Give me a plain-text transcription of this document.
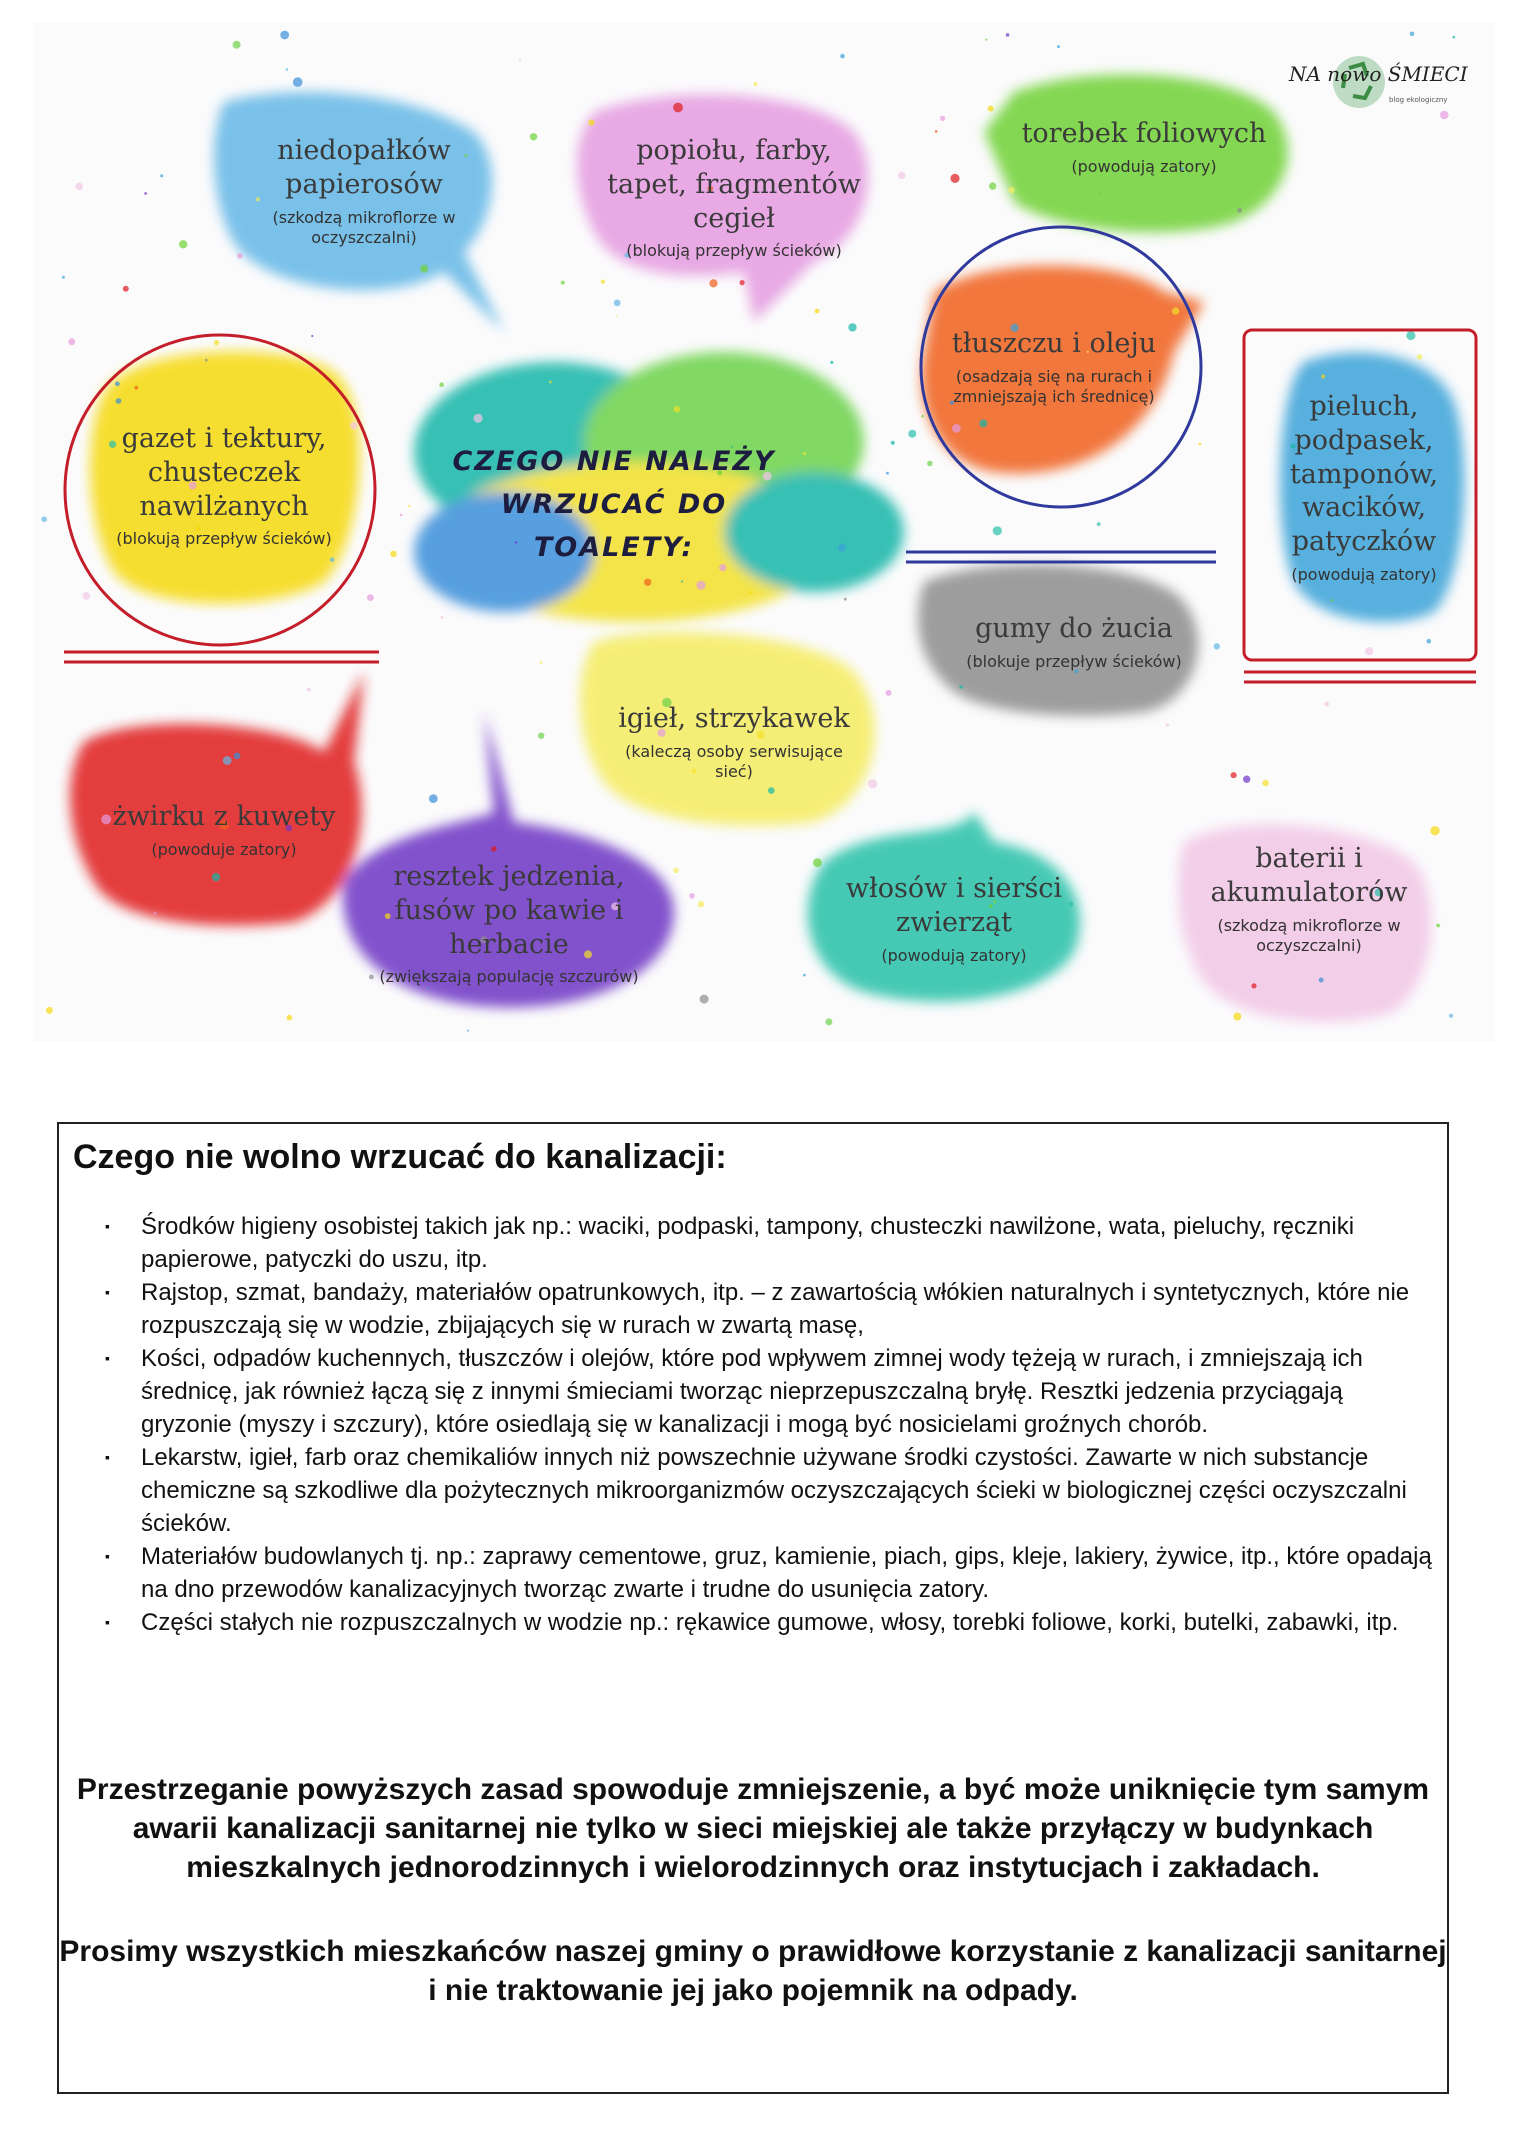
NA nowo ŚMIECI
blog ekologiczny
CZEGO NIE NALEŻY
WRZUCAĆ DO TOALETY:
niedopałków papierosów
(szkodzą mikroflorze w oczyszczalni)
popiołu, farby, tapet, fragmentów cegieł
(blokują przepływ ścieków)
torebek foliowych
(powodują zatory)
gazet i tektury, chusteczek nawilżanych
(blokują przepływ ścieków)
tłuszczu i oleju
(osadzają się na rurach i zmniejszają ich średnicę)	pieluch, podpasek, tamponów, wacików, patyczków
(powodują zatory)
gumy do żucia
(blokuje przepływ ścieków)
igieł, strzykawek
(kaleczą osoby serwisujące sieć)
żwirku z kuwety
(powoduje zatory)
resztek jedzenia, fusów po kawie i herbacie
(zwiększają populację szczurów)
włosów i sierści zwierząt
(powodują zatory)
baterii i akumulatorów
(szkodzą mikroflorze w oczyszczalni)
Czego nie wolno wrzucać do kanalizacji:
▪ Środków higieny osobistej takich jak np.: waciki, podpaski, tampony, chusteczki nawilżone, wata, pieluchy, ręczniki papierowe, patyczki do uszu, itp.
▪ Rajstop, szmat, bandaży, materiałów opatrunkowych, itp. – z zawartością włókien naturalnych i syntetycznych, które nie rozpuszczają się w wodzie, zbijających się w rurach w zwartą masę,
▪ Kości, odpadów kuchennych, tłuszczów i olejów, które pod wpływem zimnej wody tężeją w rurach, i zmniejszają ich średnicę, jak również łączą się z innymi śmieciami tworząc nieprzepuszczalną bryłę. Resztki jedzenia przyciągają gryzonie (myszy i szczury), które osiedlają się w kanalizacji i mogą być nosicielami groźnych chorób.
▪ Lekarstw, igieł, farb oraz chemikaliów innych niż powszechnie używane środki czystości. Zawarte w nich substancje chemiczne są szkodliwe dla pożytecznych mikroorganizmów oczyszczających ścieki w biologicznej części oczyszczalni ścieków.
▪ Materiałów budowlanych tj. np.: zaprawy cementowe, gruz, kamienie, piach, gips, kleje, lakiery, żywice, itp., które opadają na dno przewodów kanalizacyjnych tworząc zwarte i trudne do usunięcia zatory.
▪ Części stałych nie rozpuszczalnych w wodzie np.: rękawice gumowe, włosy, torebki foliowe, korki, butelki, zabawki, itp.

Przestrzeganie powyższych zasad spowoduje zmniejszenie, a być może uniknięcie tym samym awarii kanalizacji sanitarnej nie tylko w sieci miejskiej ale także przyłączy w budynkach mieszkalnych jednorodzinnych i wielorodzinnych oraz instytucjach i zakładach.

Prosimy wszystkich mieszkańców naszej gminy o prawidłowe korzystanie z kanalizacji sanitarnej i nie traktowanie jej jako pojemnik na odpady.
